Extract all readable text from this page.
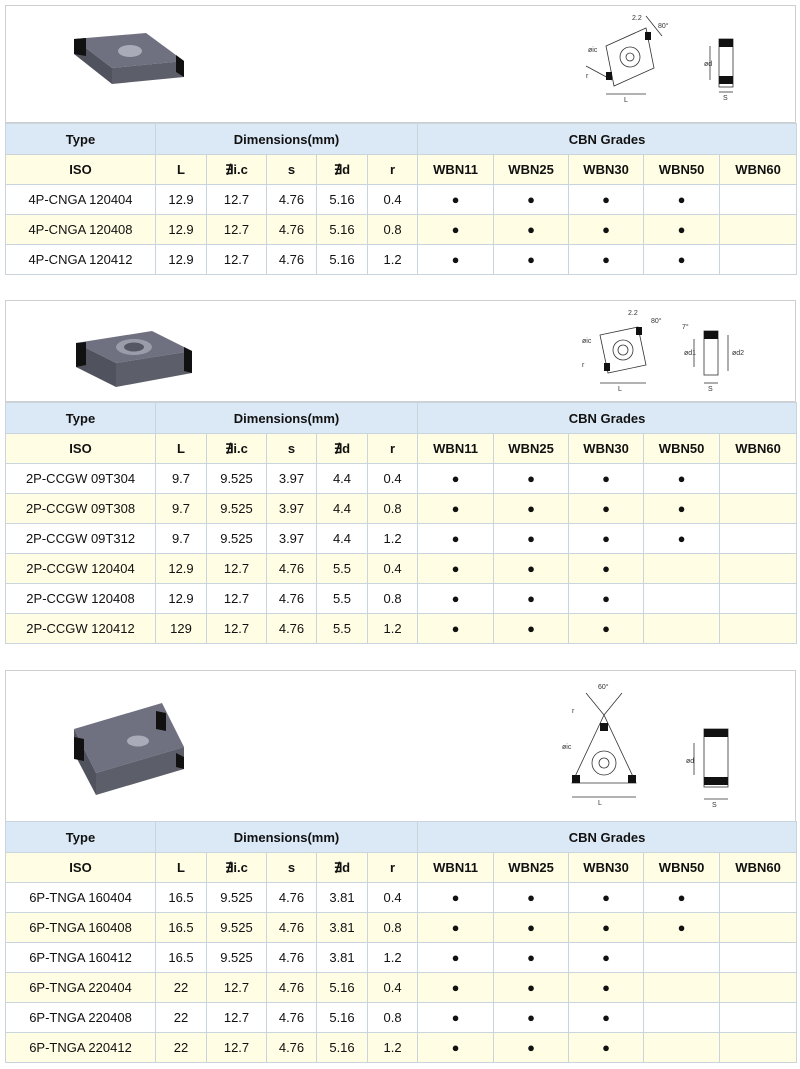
2.2
80°
øic
r
L
ød
S
Type	Dimensions(mm)					CBN Grades				
ISO	L	∄i.c	s	∄d	r	WBN11	WBN25	WBN30	WBN50	WBN60
4P-CNGA 120404	12.9	12.7	4.76	5.16	0.4	●	●	●	●	
4P-CNGA 120408	12.9	12.7	4.76	5.16	0.8	●	●	●	●	
4P-CNGA 120412	12.9	12.7	4.76	5.16	1.2	●	●	●	●	
2.2
80°
øic
r
L
ød1	ød2
S
7°
Type	Dimensions(mm)					CBN Grades				
ISO	L	∄i.c	s	∄d	r	WBN11	WBN25	WBN30	WBN50	WBN60
2P-CCGW 09T304	9.7	9.525	3.97	4.4	0.4	●	●	●	●	
2P-CCGW 09T308	9.7	9.525	3.97	4.4	0.8	●	●	●	●	
2P-CCGW 09T312	9.7	9.525	3.97	4.4	1.2	●	●	●	●	
2P-CCGW 120404	12.9	12.7	4.76	5.5	0.4	●	●	●		
2P-CCGW 120408	12.9	12.7	4.76	5.5	0.8	●	●	●		
2P-CCGW 120412	129	12.7	4.76	5.5	1.2	●	●	●		
60°
r
øic
L
ød
S
Type	Dimensions(mm)					CBN Grades				
ISO	L	∄i.c	s	∄d	r	WBN11	WBN25	WBN30	WBN50	WBN60
6P-TNGA 160404	16.5	9.525	4.76	3.81	0.4	●	●	●	●	
6P-TNGA 160408	16.5	9.525	4.76	3.81	0.8	●	●	●	●	
6P-TNGA 160412	16.5	9.525	4.76	3.81	1.2	●	●	●		
6P-TNGA 220404	22	12.7	4.76	5.16	0.4	●	●	●		
6P-TNGA 220408	22	12.7	4.76	5.16	0.8	●	●	●		
6P-TNGA 220412	22	12.7	4.76	5.16	1.2	●	●	●		
